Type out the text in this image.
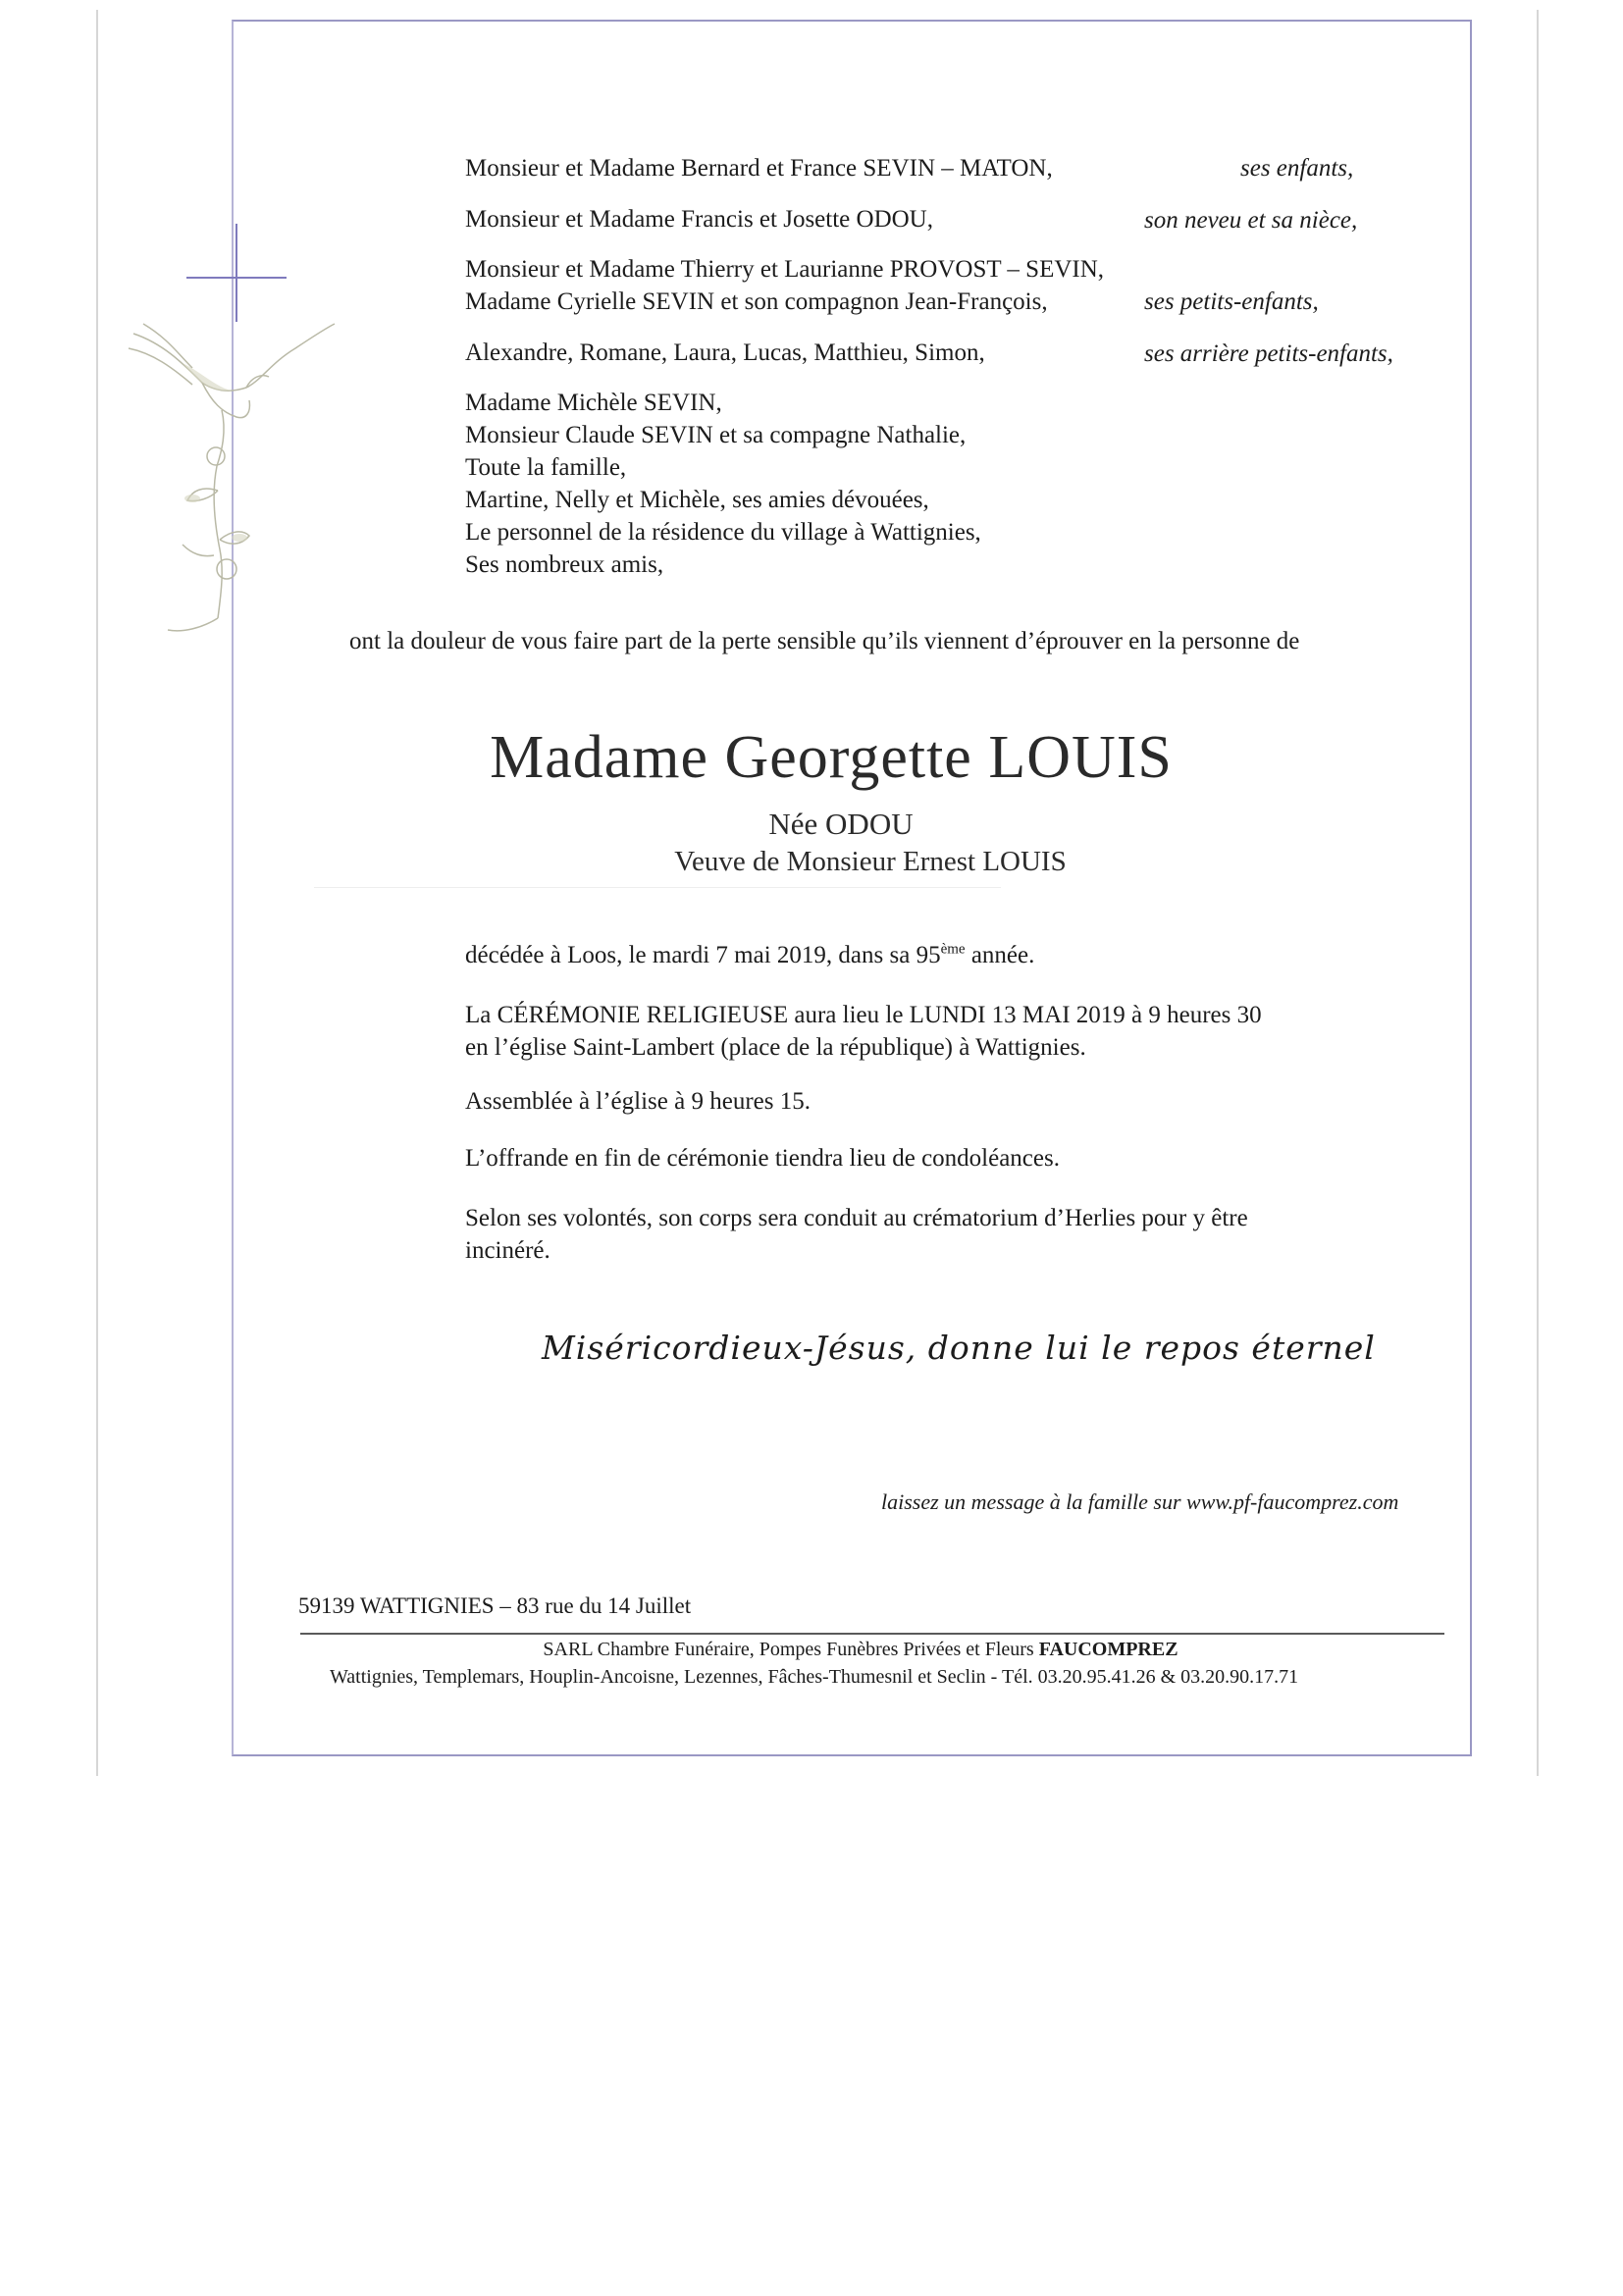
Monsieur et Madame Bernard et France SEVIN – MATON,	ses enfants,
Monsieur et Madame Francis et Josette ODOU,	son neveu et sa nièce,
Monsieur et Madame Thierry et Laurianne PROVOST – SEVIN,
Madame Cyrielle SEVIN et son compagnon Jean-François,	ses petits-enfants,
Alexandre, Romane, Laura, Lucas, Matthieu, Simon,	ses arrière petits-enfants,
Madame Michèle SEVIN,
Monsieur Claude SEVIN et sa compagne Nathalie,
Toute la famille,
Martine, Nelly et Michèle, ses amies dévouées,
Le personnel de la résidence du village à Wattignies,
Ses nombreux amis,
ont la douleur de vous faire part de la perte sensible qu’ils viennent d’éprouver en la personne de
Madame Georgette LOUIS
Née ODOU
Veuve de Monsieur Ernest LOUIS
décédée à Loos, le mardi 7 mai 2019, dans sa 95ème année.
La CÉRÉMONIE RELIGIEUSE aura lieu le LUNDI 13 MAI 2019 à 9 heures 30
en l’église Saint-Lambert (place de la république) à Wattignies.
Assemblée à l’église à 9 heures 15.
L’offrande en fin de cérémonie tiendra lieu de condoléances.
Selon ses volontés, son corps sera conduit au crématorium d’Herlies pour y être
incinéré.
Miséricordieux-Jésus, donne lui le repos éternel
laissez un message à la famille sur www.pf-faucomprez.com
59139 WATTIGNIES – 83 rue du 14 Juillet
SARL Chambre Funéraire, Pompes Funèbres Privées et Fleurs FAUCOMPREZ
Wattignies, Templemars, Houplin-Ancoisne, Lezennes, Fâches-Thumesnil et Seclin - Tél. 03.20.95.41.26 & 03.20.90.17.71
